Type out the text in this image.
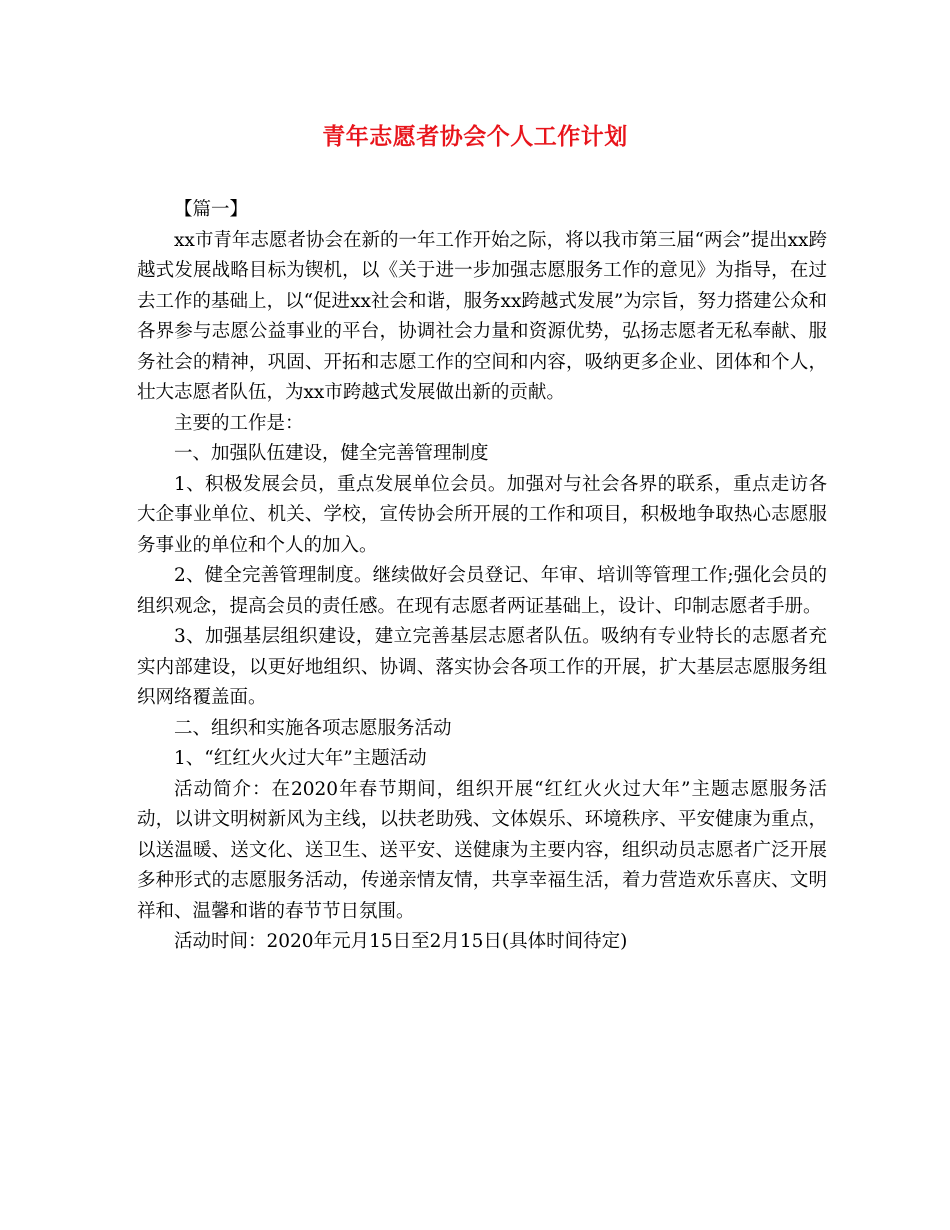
青年志愿者协会个人工作计划

【篇一】

xx市青年志愿者协会在新的一年工作开始之际，将以我市第三届“两会”提出xx跨越式发展战略目标为锲机，以《关于进一步加强志愿服务工作的意见》为指导，在过去工作的基础上，以“促进xx社会和谐，服务xx跨越式发展”为宗旨，努力搭建公众和各界参与志愿公益事业的平台，协调社会力量和资源优势，弘扬志愿者无私奉献、服务社会的精神，巩固、开拓和志愿工作的空间和内容，吸纳更多企业、团体和个人，壮大志愿者队伍，为xx市跨越式发展做出新的贡献。

主要的工作是：

一、加强队伍建设，健全完善管理制度

1、积极发展会员，重点发展单位会员。加强对与社会各界的联系，重点走访各大企事业单位、机关、学校，宣传协会所开展的工作和项目，积极地争取热心志愿服务事业的单位和个人的加入。

2、健全完善管理制度。继续做好会员登记、年审、培训等管理工作;强化会员的组织观念，提高会员的责任感。在现有志愿者两证基础上，设计、印制志愿者手册。

3、加强基层组织建设，建立完善基层志愿者队伍。吸纳有专业特长的志愿者充实内部建设，以更好地组织、协调、落实协会各项工作的开展，扩大基层志愿服务组织网络覆盖面。

二、组织和实施各项志愿服务活动

1、“红红火火过大年”主题活动

活动简介：在2020年春节期间，组织开展“红红火火过大年”主题志愿服务活动，以讲文明树新风为主线，以扶老助残、文体娱乐、环境秩序、平安健康为重点，以送温暖、送文化、送卫生、送平安、送健康为主要内容，组织动员志愿者广泛开展多种形式的志愿服务活动，传递亲情友情，共享幸福生活，着力营造欢乐喜庆、文明祥和、温馨和谐的春节节日氛围。

活动时间：2020年元月15日至2月15日(具体时间待定)
